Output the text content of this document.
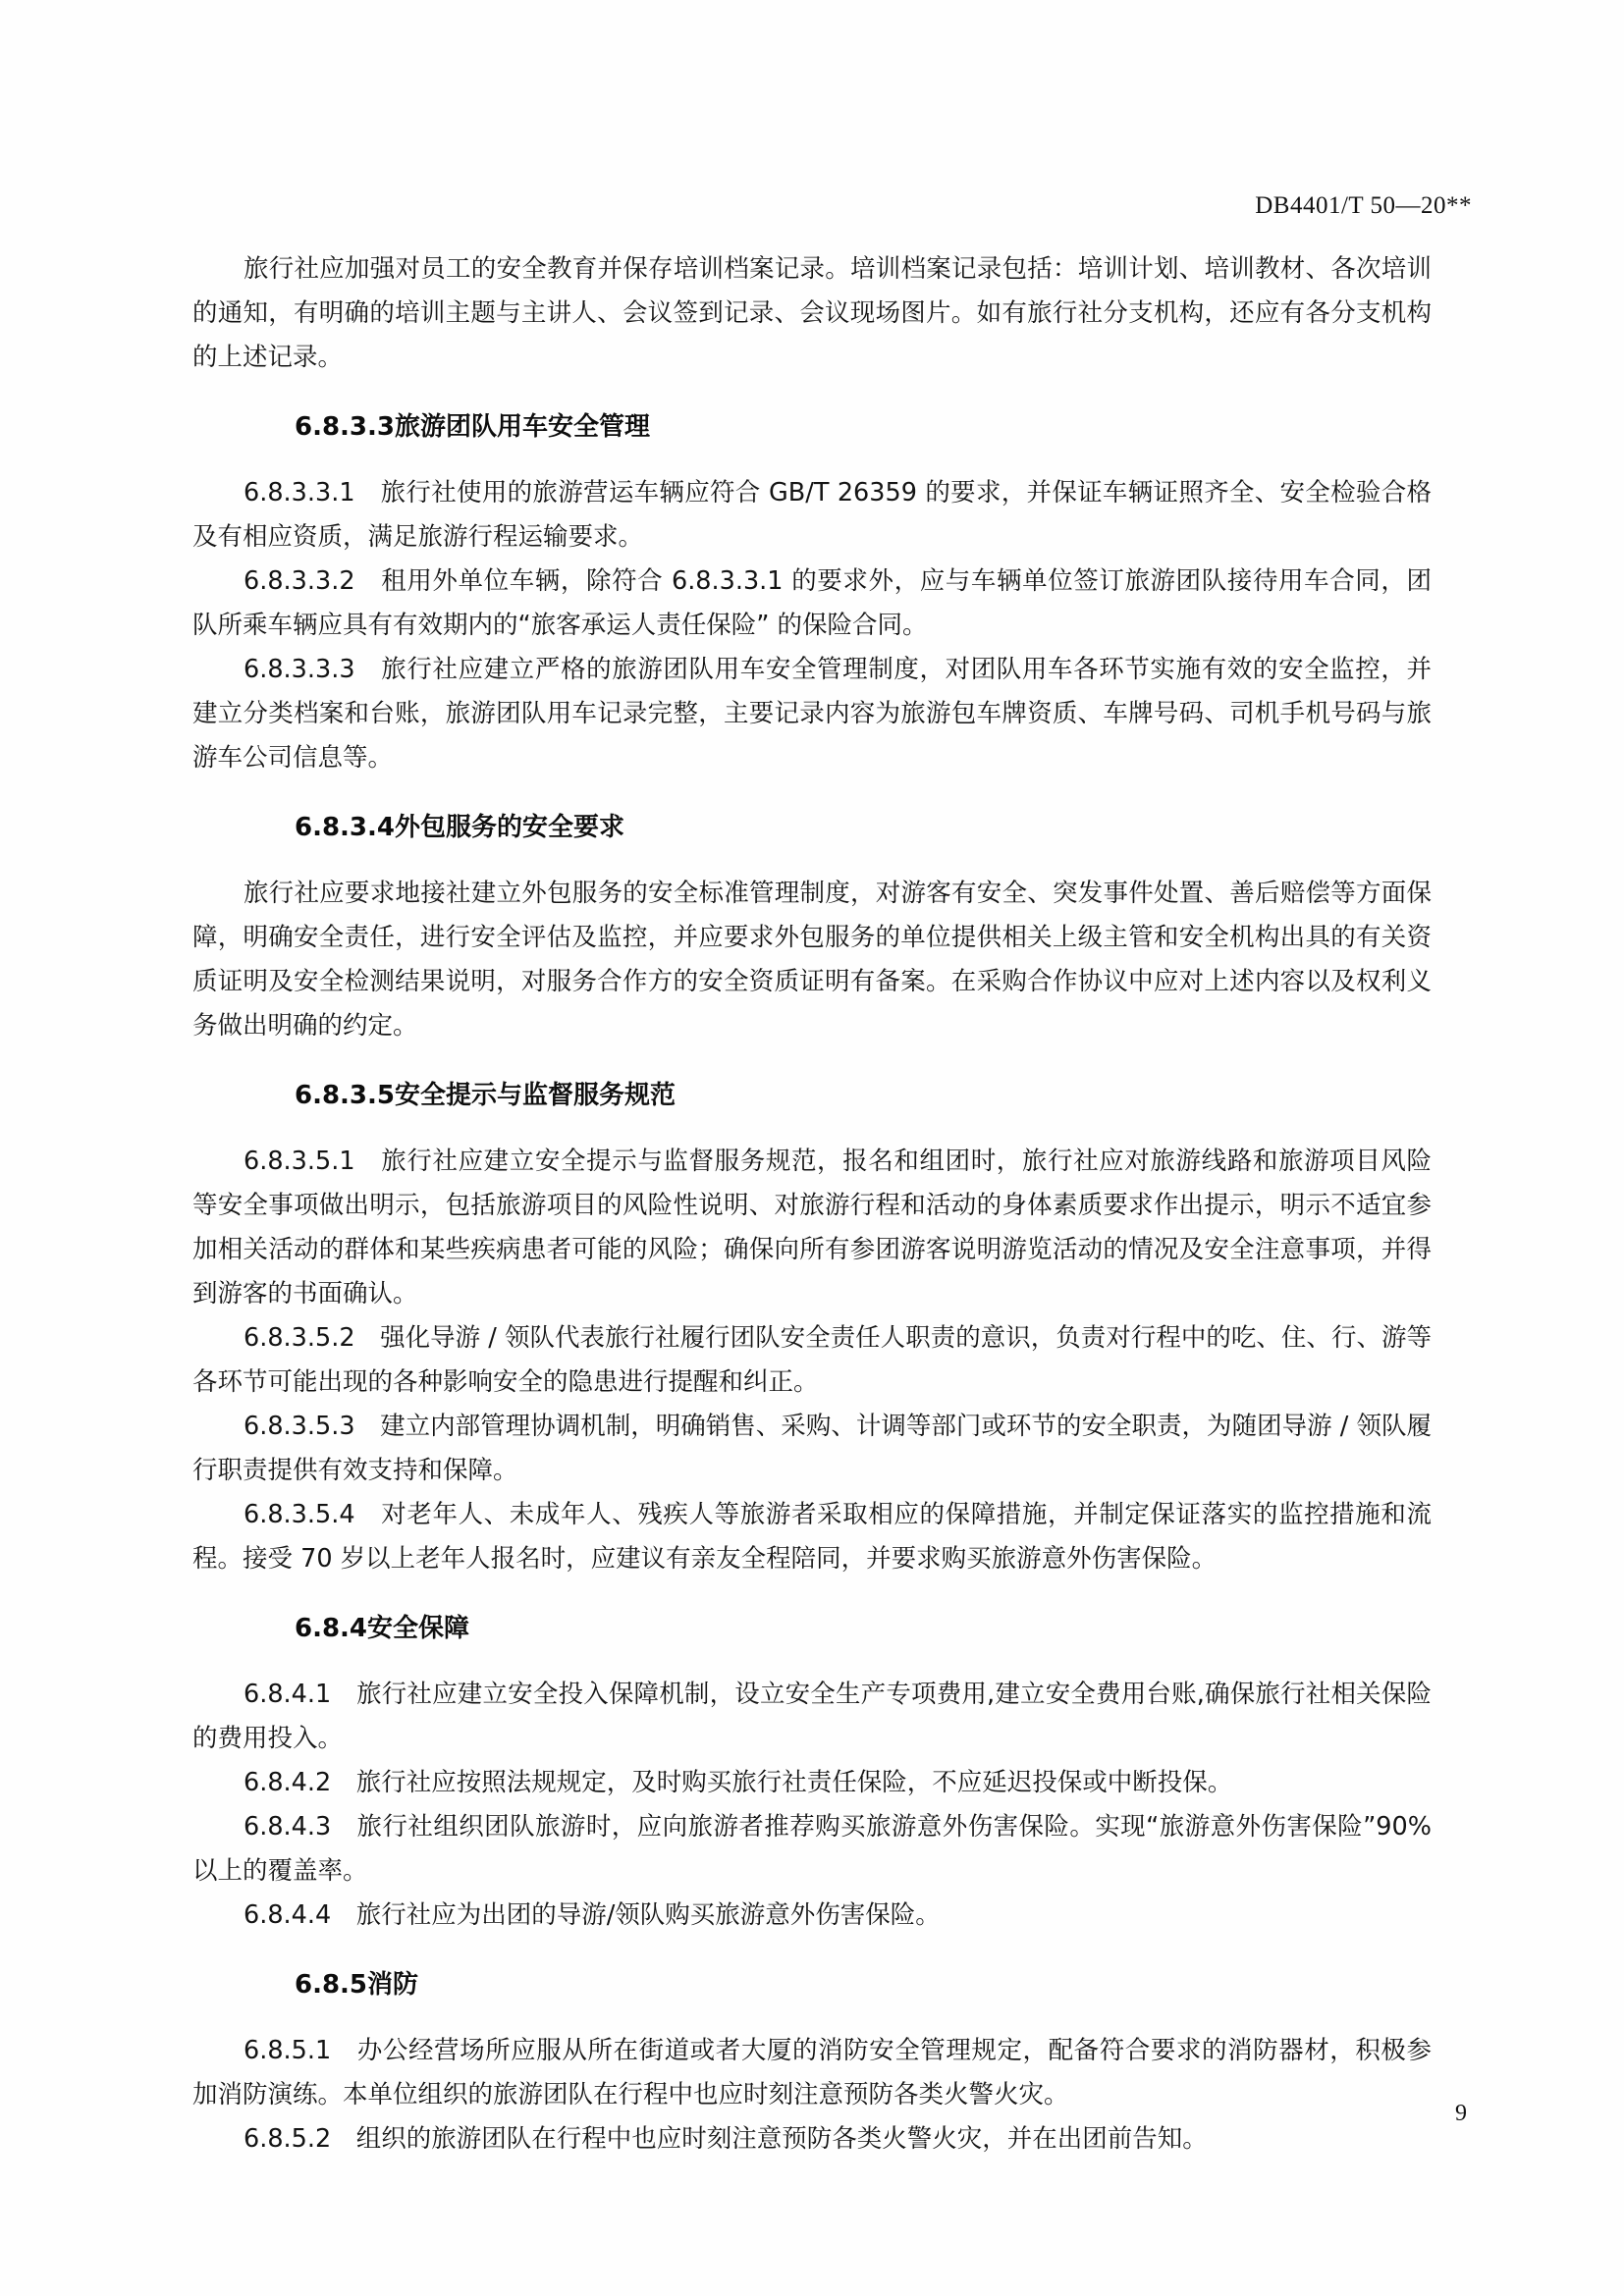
DB4401/T 50—20**

旅行社应加强对员工的安全教育并保存培训档案记录。培训档案记录包括：培训计划、培训教材、各次培训的通知，有明确的培训主题与主讲人、会议签到记录、会议现场图片。如有旅行社分支机构，还应有各分支机构的上述记录。

6.8.3.3旅游团队用车安全管理

6.8.3.3.1　旅行社使用的旅游营运车辆应符合 GB/T 26359 的要求，并保证车辆证照齐全、安全检验合格及有相应资质，满足旅游行程运输要求。

6.8.3.3.2　租用外单位车辆，除符合 6.8.3.3.1 的要求外，应与车辆单位签订旅游团队接待用车合同，团队所乘车辆应具有有效期内的“旅客承运人责任保险” 的保险合同。

6.8.3.3.3　旅行社应建立严格的旅游团队用车安全管理制度，对团队用车各环节实施有效的安全监控，并建立分类档案和台账，旅游团队用车记录完整，主要记录内容为旅游包车牌资质、车牌号码、司机手机号码与旅游车公司信息等。

6.8.3.4外包服务的安全要求

旅行社应要求地接社建立外包服务的安全标准管理制度，对游客有安全、突发事件处置、善后赔偿等方面保障，明确安全责任，进行安全评估及监控，并应要求外包服务的单位提供相关上级主管和安全机构出具的有关资质证明及安全检测结果说明，对服务合作方的安全资质证明有备案。在采购合作协议中应对上述内容以及权利义务做出明确的约定。

6.8.3.5安全提示与监督服务规范

6.8.3.5.1　旅行社应建立安全提示与监督服务规范，报名和组团时，旅行社应对旅游线路和旅游项目风险等安全事项做出明示，包括旅游项目的风险性说明、对旅游行程和活动的身体素质要求作出提示，明示不适宜参加相关活动的群体和某些疾病患者可能的风险；确保向所有参团游客说明游览活动的情况及安全注意事项，并得到游客的书面确认。

6.8.3.5.2　强化导游 / 领队代表旅行社履行团队安全责任人职责的意识，负责对行程中的吃、住、行、游等各环节可能出现的各种影响安全的隐患进行提醒和纠正。

6.8.3.5.3　建立内部管理协调机制，明确销售、采购、计调等部门或环节的安全职责，为随团导游 / 领队履行职责提供有效支持和保障。

6.8.3.5.4　对老年人、未成年人、残疾人等旅游者采取相应的保障措施，并制定保证落实的监控措施和流程。接受 70 岁以上老年人报名时，应建议有亲友全程陪同，并要求购买旅游意外伤害保险。

6.8.4安全保障

6.8.4.1　旅行社应建立安全投入保障机制，设立安全生产专项费用,建立安全费用台账,确保旅行社相关保险的费用投入。

6.8.4.2　旅行社应按照法规规定，及时购买旅行社责任保险，不应延迟投保或中断投保。

6.8.4.3　旅行社组织团队旅游时，应向旅游者推荐购买旅游意外伤害保险。实现“旅游意外伤害保险”90%以上的覆盖率。

6.8.4.4　旅行社应为出团的导游/领队购买旅游意外伤害保险。

6.8.5消防

6.8.5.1　办公经营场所应服从所在街道或者大厦的消防安全管理规定，配备符合要求的消防器材，积极参加消防演练。本单位组织的旅游团队在行程中也应时刻注意预防各类火警火灾。

6.8.5.2　组织的旅游团队在行程中也应时刻注意预防各类火警火灾，并在出团前告知。

9
